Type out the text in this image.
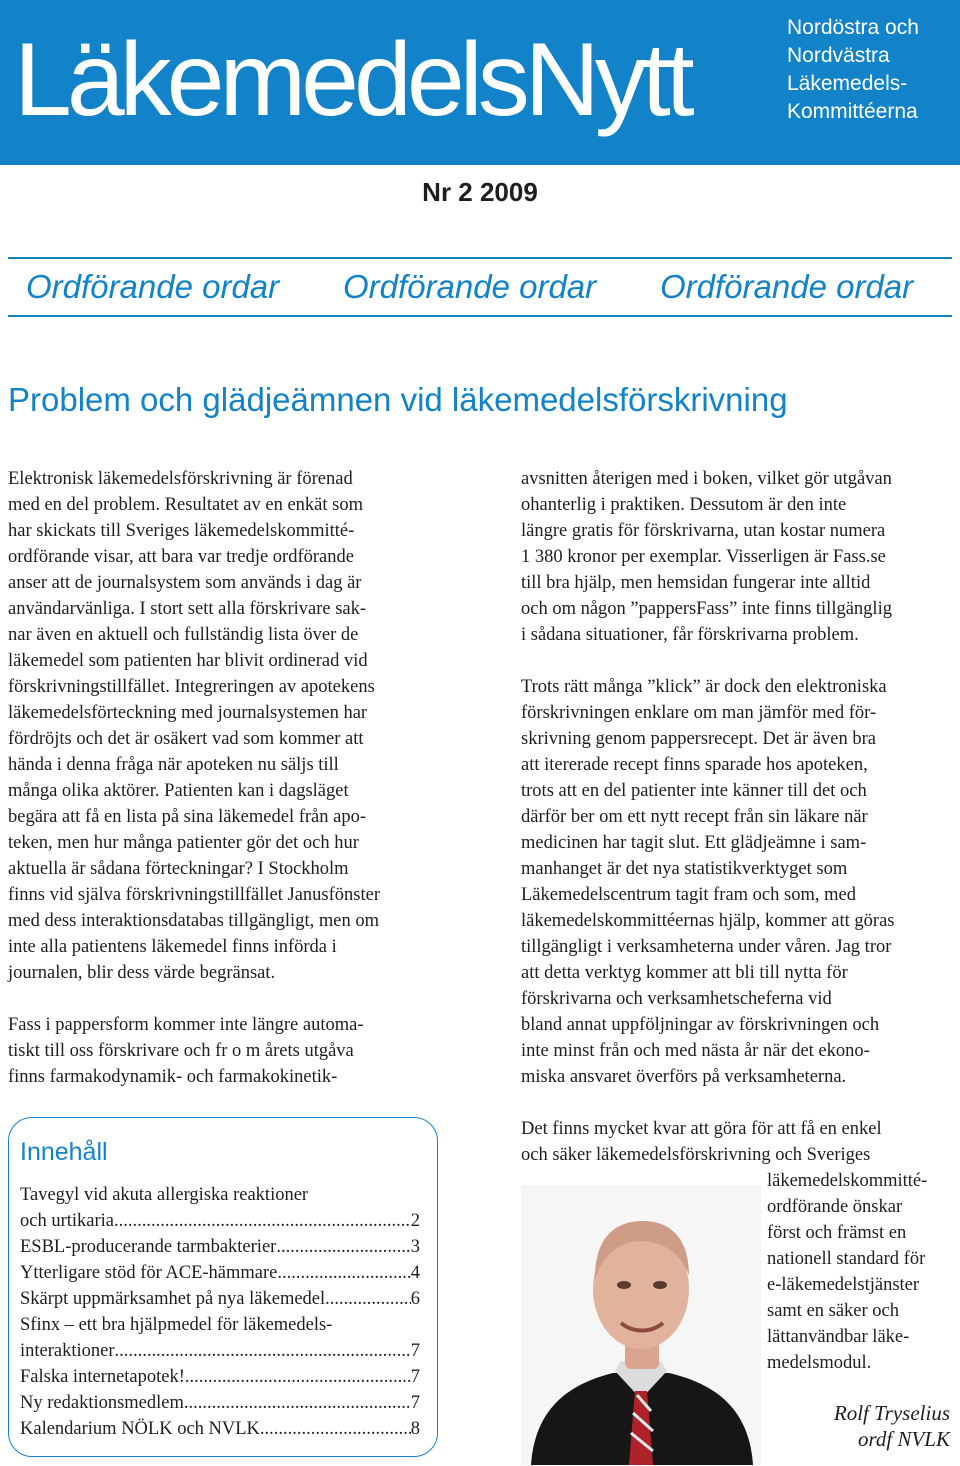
LäkemedelsNytt	Nordöstra och
Nordvästra
Läkemedels-
Kommittéerna
Nr 2 2009
Ordförande ordar Ordförande ordar Ordförande ordar
Problem och glädjeämnen vid läkemedelsförskrivning
Elektronisk läkemedelsförskrivning är förenad
med en del problem. Resultatet av en enkät som
har skickats till Sveriges läkemedelskommitté-
ordförande visar, att bara var tredje ordförande
anser att de journalsystem som används i dag är
användarvänliga. I stort sett alla förskrivare sak-
nar även en aktuell och fullständig lista över de
läkemedel som patienten har blivit ordinerad vid
förskrivningstillfället. Integreringen av apotekens
läkemedelsförteckning med journalsystemen har
fördröjts och det är osäkert vad som kommer att
hända i denna fråga när apoteken nu säljs till
många olika aktörer. Patienten kan i dagsläget
begära att få en lista på sina läkemedel från apo-
teken, men hur många patienter gör det och hur
aktuella är sådana förteckningar? I Stockholm
finns vid själva förskrivningstillfället Janusfönster
med dess interaktionsdatabas tillgängligt, men om
inte alla patientens läkemedel finns införda i
journalen, blir dess värde begränsat.
Fass i pappersform kommer inte längre automa-
tiskt till oss förskrivare och fr o m årets utgåva
finns farmakodynamik- och farmakokinetik-
avsnitten återigen med i boken, vilket gör utgåvan
ohanterlig i praktiken. Dessutom är den inte
längre gratis för förskrivarna, utan kostar numera
1 380 kronor per exemplar. Visserligen är Fass.se
till bra hjälp, men hemsidan fungerar inte alltid
och om någon ”pappersFass” inte finns tillgänglig
i sådana situationer, får förskrivarna problem.
Trots rätt många ”klick” är dock den elektroniska
förskrivningen enklare om man jämför med för-
skrivning genom pappersrecept. Det är även bra
att itererade recept finns sparade hos apoteken,
trots att en del patienter inte känner till det och
därför ber om ett nytt recept från sin läkare när
medicinen har tagit slut. Ett glädjeämne i sam-
manhanget är det nya statistikverktyget som
Läkemedelscentrum tagit fram och som, med
läkemedelskommittéernas hjälp, kommer att göras
tillgängligt i verksamheterna under våren. Jag tror
att detta verktyg kommer att bli till nytta för
förskrivarna och verksamhetscheferna vid
bland annat uppföljningar av förskrivningen och
inte minst från och med nästa år när det ekono-
miska ansvaret överförs på verksamheterna.
Det finns mycket kvar att göra för att få en enkel
och säker läkemedelsförskrivning och Sveriges
läkemedelskommitté-
ordförande önskar
först och främst en
nationell standard för
e-läkemedelstjänster
samt en säker och
lättanvändbar läke-
medelsmodul.
Rolf Tryselius
ordf NVLK
Innehåll
Tavegyl vid akuta allergiska reaktioner
och urtikaria .....	2
ESBL-producerande tarmbakterier .....	3
Ytterligare stöd för ACE-hämmare .....	4
Skärpt uppmärksamhet på nya läkemedel .....	6
Sfinx – ett bra hjälpmedel för läkemedels-
interaktioner .....	7
Falska internetapotek! .....	7
Ny redaktionsmedlem .....	7
Kalendarium NÖLK och NVLK .....	8
